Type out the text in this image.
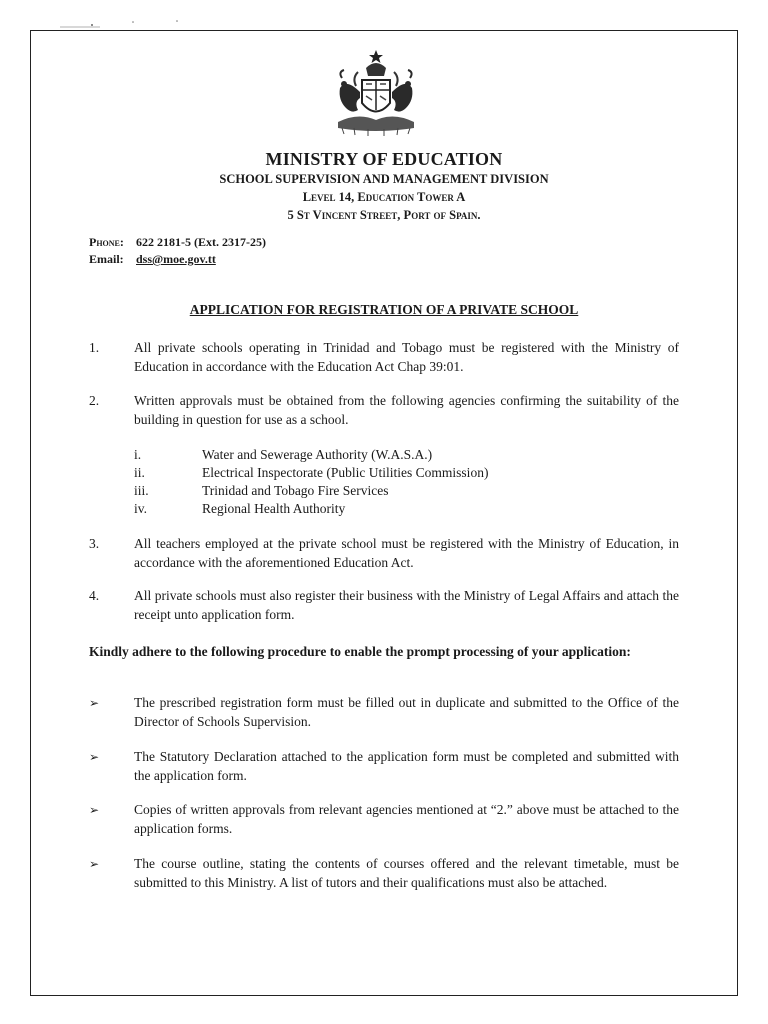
MINISTRY OF EDUCATION
SCHOOL SUPERVISION AND MANAGEMENT DIVISION
Level 14, Education Tower A
5 St Vincent Street, Port of Spain.
Phone: 622 2181-5 (Ext. 2317-25)
Email: dss@moe.gov.tt
APPLICATION FOR REGISTRATION OF A PRIVATE SCHOOL
1.	All private schools operating in Trinidad and Tobago must be registered with the Ministry of Education in accordance with the Education Act Chap 39:01.
2.	Written approvals must be obtained from the following agencies confirming the suitability of the building in question for use as a school.
i.	Water and Sewerage Authority (W.A.S.A.)
ii.	Electrical Inspectorate (Public Utilities Commission)
iii.	Trinidad and Tobago Fire Services
iv.	Regional Health Authority
3.	All teachers employed at the private school must be registered with the Ministry of Education, in accordance with the aforementioned Education Act.
4.	All private schools must also register their business with the Ministry of Legal Affairs and attach the receipt unto application form.
Kindly adhere to the following procedure to enable the prompt processing of your application:
➢	The prescribed registration form must be filled out in duplicate and submitted to the Office of the Director of Schools Supervision.
➢	The Statutory Declaration attached to the application form must be completed and submitted with the application form.
➢	Copies of written approvals from relevant agencies mentioned at “2.” above must be attached to the application forms.
➢	The course outline, stating the contents of courses offered and the relevant timetable, must be submitted to this Ministry. A list of tutors and their qualifications must also be attached.
